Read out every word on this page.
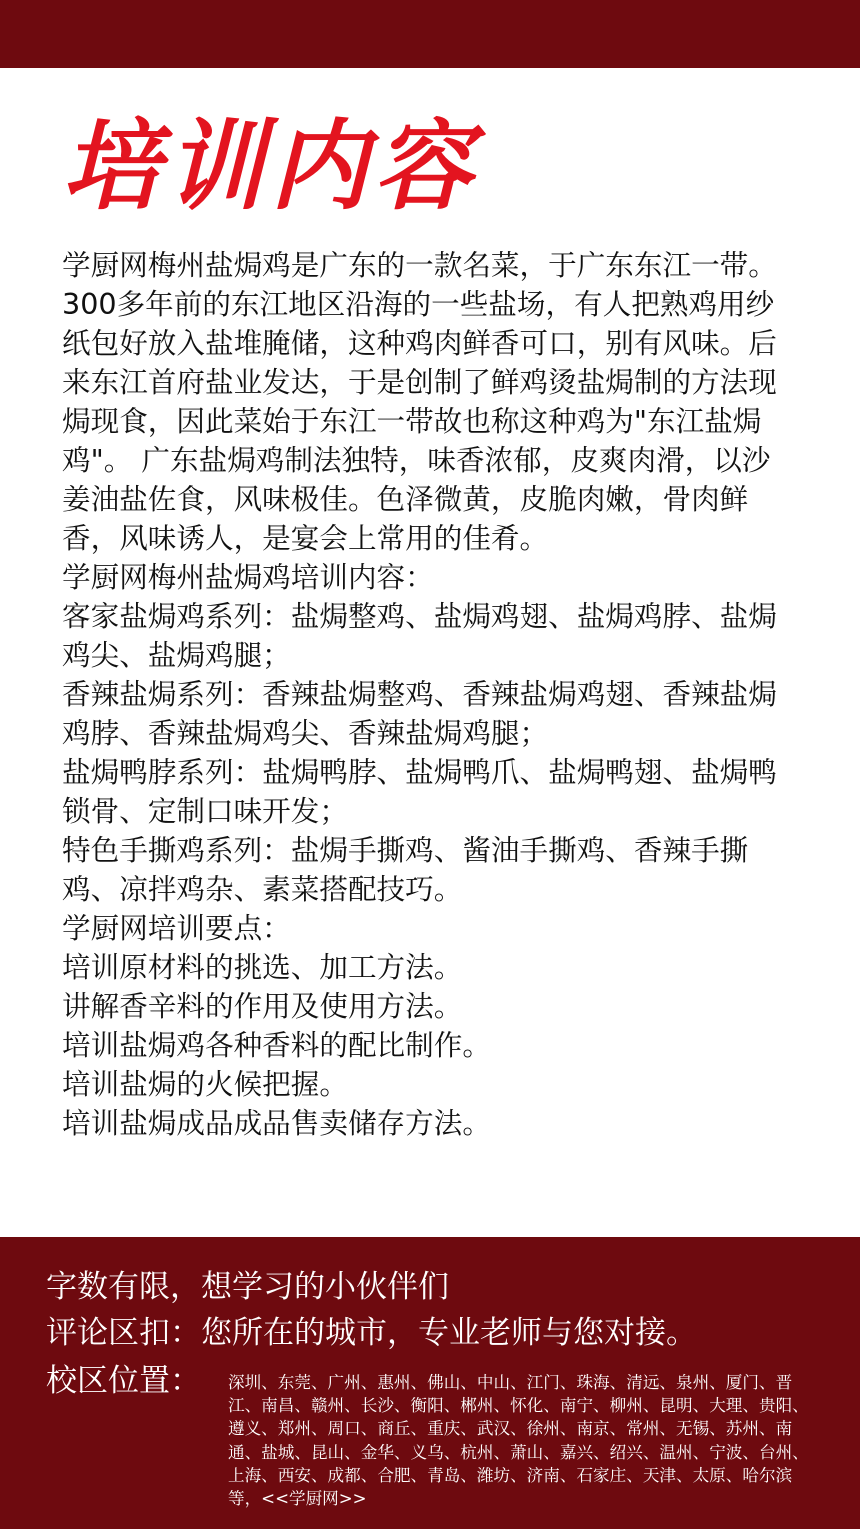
培训内容

学厨网梅州盐焗鸡是广东的一款名菜，于广东东江一带。300多年前的东江地区沿海的一些盐场，有人把熟鸡用纱纸包好放入盐堆腌储，这种鸡肉鲜香可口，别有风味。后来东江首府盐业发达，于是创制了鲜鸡烫盐焗制的方法现焗现食，因此菜始于东江一带故也称这种鸡为"东江盐焗鸡"。 广东盐焗鸡制法独特，味香浓郁，皮爽肉滑，以沙姜油盐佐食，风味极佳。色泽微黄，皮脆肉嫩，骨肉鲜香，风味诱人，是宴会上常用的佳肴。

学厨网梅州盐焗鸡培训内容：

客家盐焗鸡系列：盐焗整鸡、盐焗鸡翅、盐焗鸡脖、盐焗鸡尖、盐焗鸡腿；

香辣盐焗系列：香辣盐焗整鸡、香辣盐焗鸡翅、香辣盐焗鸡脖、香辣盐焗鸡尖、香辣盐焗鸡腿；

盐焗鸭脖系列：盐焗鸭脖、盐焗鸭爪、盐焗鸭翅、盐焗鸭锁骨、定制口味开发；

特色手撕鸡系列：盐焗手撕鸡、酱油手撕鸡、香辣手撕鸡、凉拌鸡杂、素菜搭配技巧。

学厨网培训要点：

培训原材料的挑选、加工方法。

讲解香辛料的作用及使用方法。

培训盐焗鸡各种香料的配比制作。

培训盐焗的火候把握。

培训盐焗成品成品售卖储存方法。

字数有限，想学习的小伙伴们

评论区扣：您所在的城市，专业老师与您对接。

校区位置： 深圳、东莞、广州、惠州、佛山、中山、江门、珠海、清远、泉州、厦门、晋江、南昌、赣州、长沙、衡阳、郴州、怀化、南宁、柳州、昆明、大理、贵阳、遵义、郑州、周口、商丘、重庆、武汉、徐州、南京、常州、无锡、苏州、南通、盐城、昆山、金华、义乌、杭州、萧山、嘉兴、绍兴、温州、宁波、台州、上海、西安、成都、合肥、青岛、潍坊、济南、石家庄、天津、太原、哈尔滨等，<<学厨网>>
